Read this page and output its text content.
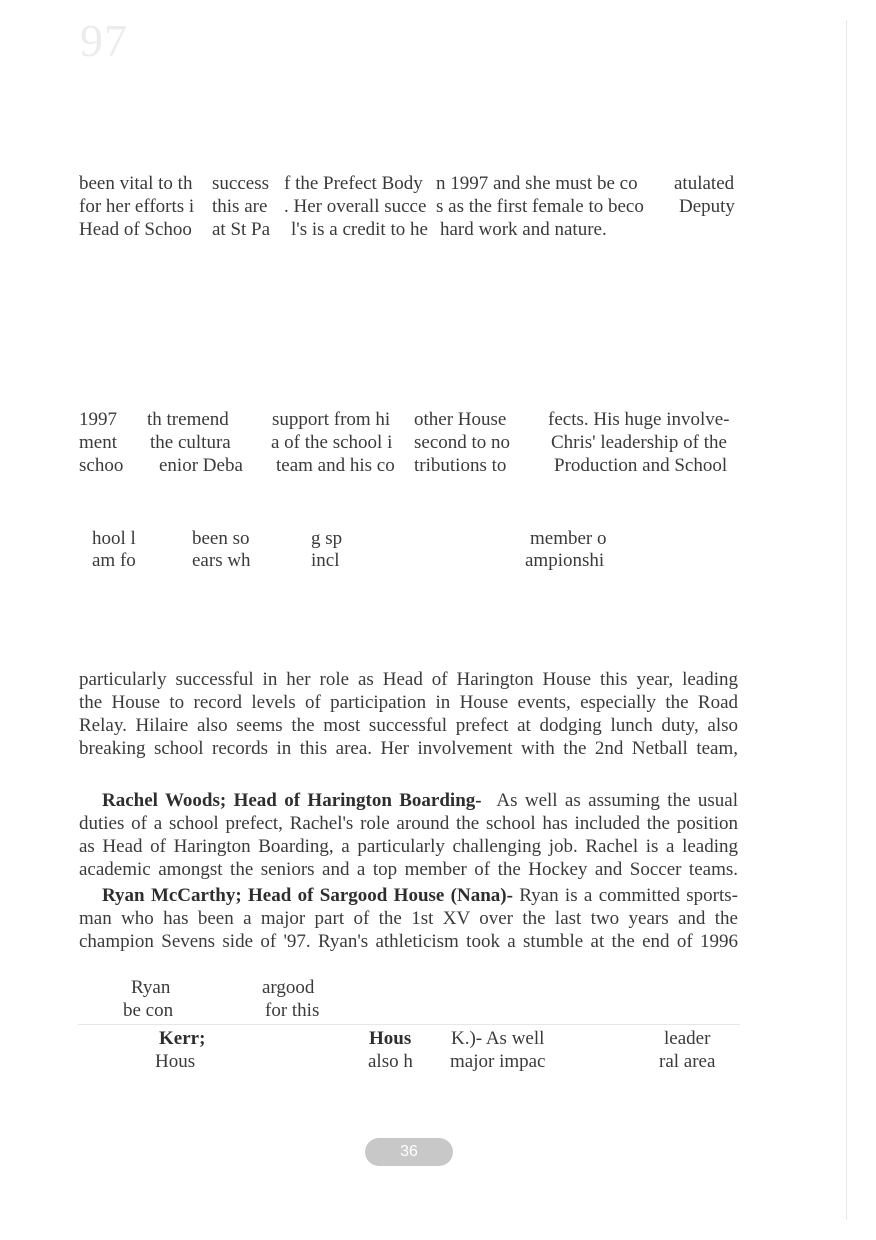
97
been vital to th success f the Prefect Body n 1997 and she must be co atulated
for her efforts i this are . Her overall succe s as the first female to beco Deputy
Head of Schoo at St Pa l's is a credit to he hard work and nature.
1997 th tremend support from hi other House fects. His huge involve-
ment the cultura a of the school i second to no Chris' leadership of the
schoo enior Deba team and his co tributions to	Production and School
hool l	been so	g sp	member o
am fo	ears wh	incl	ampionshi
particularly successful in her role as Head of Harington House this year, leading
the House to record levels of participation in House events, especially the Road
Relay. Hilaire also seems the most successful prefect at dodging lunch duty, also
breaking school records in this area. Her involvement with the 2nd Netball team,
Rachel Woods; Head of Harington Boarding- As well as assuming the usual
duties of a school prefect, Rachel's role around the school has included the position
as Head of Harington Boarding, a particularly challenging job. Rachel is a leading
academic amongst the seniors and a top member of the Hockey and Soccer teams.
Ryan McCarthy; Head of Sargood House (Nana)- Ryan is a committed sports-
man who has been a major part of the 1st XV over the last two years and the
champion Sevens side of '97. Ryan's athleticism took a stumble at the end of 1996
Ryan	argood
be con	for this
Kerr;	Hous K.)- As well	leader
Hous	also h major impac	ral area
36
